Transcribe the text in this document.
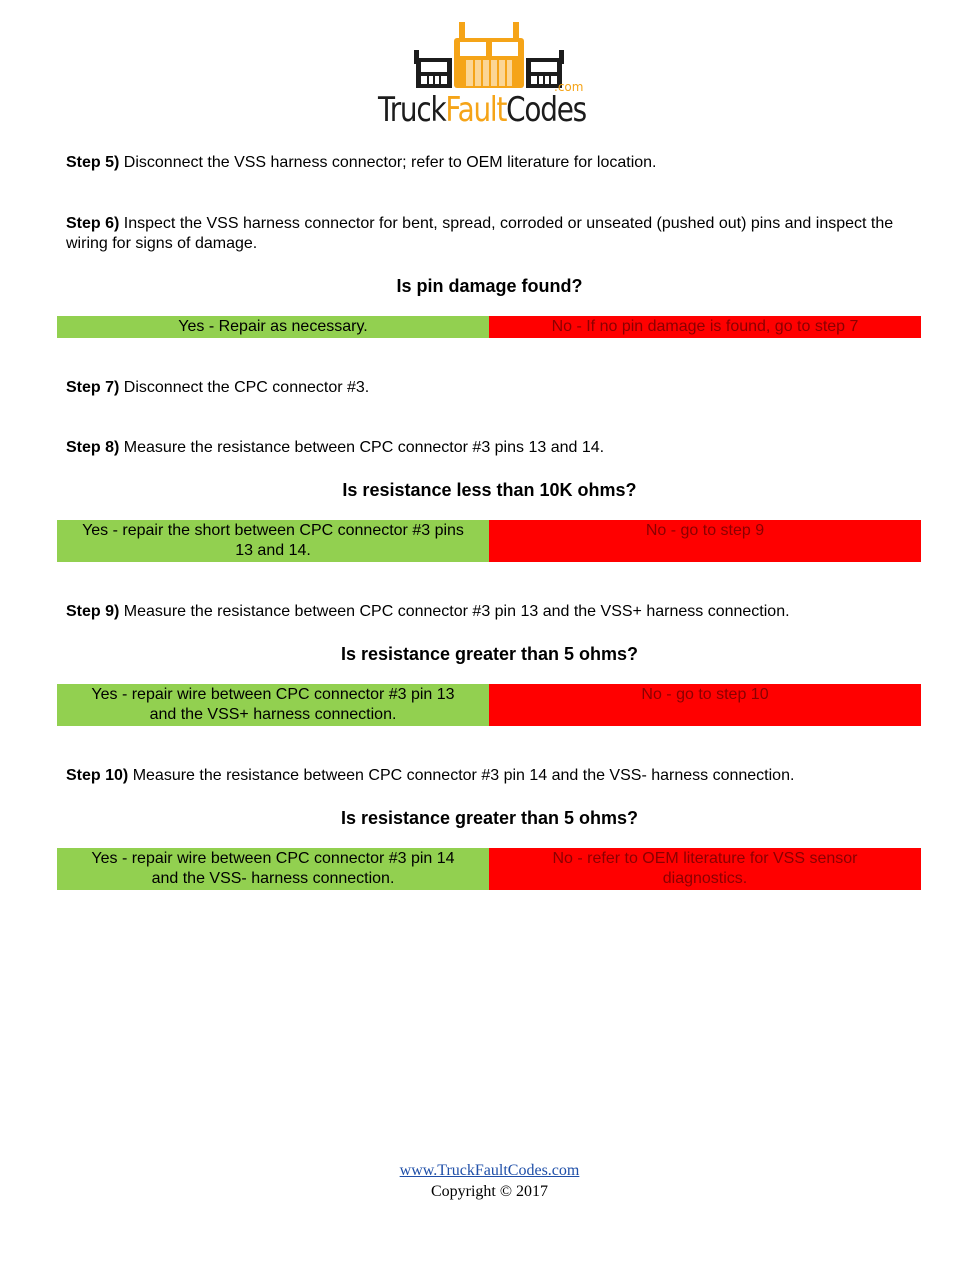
TruckFaultCodes
.com
Step 5) Disconnect the VSS harness connector; refer to OEM literature for location.
Step 6) Inspect the VSS harness connector for bent, spread, corroded or unseated (pushed out) pins and inspect the wiring for signs of damage.
Is pin damage found?
Yes - Repair as necessary.	No - If no pin damage is found, go to step 7
Step 7) Disconnect the CPC connector #3.
Step 8) Measure the resistance between CPC connector #3 pins 13 and 14.
Is resistance less than 10K ohms?
Yes - repair the short between CPC connector #3 pins 13 and 14.
No - go to step 9
Step 9) Measure the resistance between CPC connector #3 pin 13 and the VSS+ harness connection.
Is resistance greater than 5 ohms?
Yes - repair wire between CPC connector #3 pin 13 and the VSS+ harness connection.
No - go to step 10
Step 10) Measure the resistance between CPC connector #3 pin 14 and the VSS- harness connection.
Is resistance greater than 5 ohms?
Yes - repair wire between CPC connector #3 pin 14 and the VSS- harness connection.
No - refer to OEM literature for VSS sensor diagnostics.
www.TruckFaultCodes.com
Copyright © 2017
